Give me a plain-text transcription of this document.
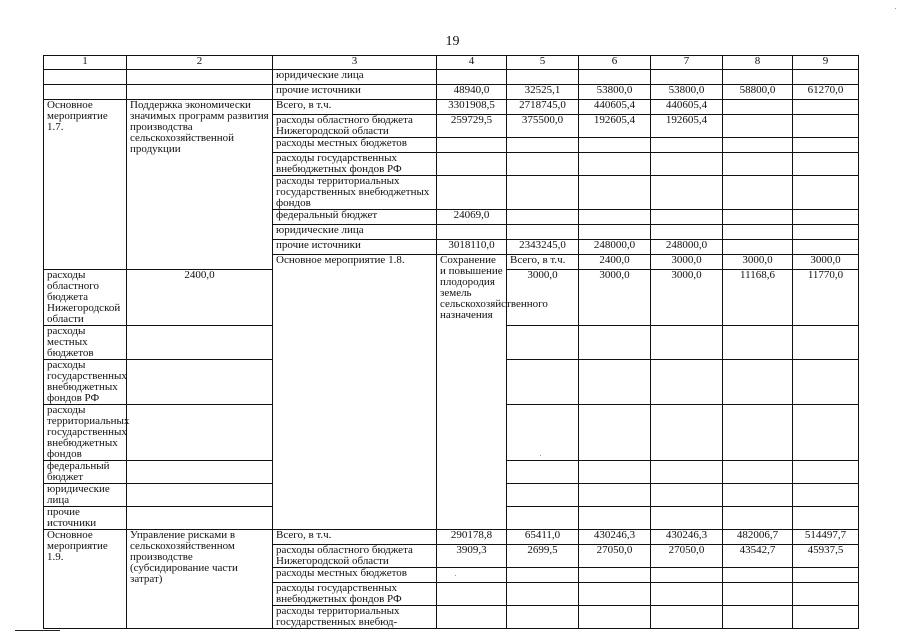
19
1	2	3	4	5	6	7	8	9	
		юридические лица							
		прочие источники	48940,0	32525,1	53800,0	53800,0	58800,0	61270,0	
Основное мероприятие 1.7.	Поддержка экономически значимых программ развития производства сельскохозяйственной продукции	Всего, в т.ч.	3301908,5	2718745,0	440605,4	440605,4			
		расходы областного бюджета Нижегородской области	259729,5	375500,0	192605,4	192605,4			
		расходы местных бюджетов							
		расходы государственных внебюджетных фондов РФ							
		расходы территориальных государственных внебюджетных фондов							
		федеральный бюджет	24069,0						
		юридические лица							
		прочие источники	3018110,0	2343245,0	248000,0	248000,0			
		Основное мероприятие 1.8.	Сохранение и повышение плодородия земель сельскохозяйственного назначения	Всего, в т.ч.	2400,0	3000,0	3000,0	3000,0		
расходы областного бюджета Нижегородской области	2400,0			3000,0	3000,0	3000,0	11168,6	11770,0	
расходы местных бюджетов									
расходы государственных внебюджетных фондов РФ									
расходы территориальных государственных внебюджетных фондов									
федеральный бюджет									
юридические лица									
прочие источники									
Основное мероприятие 1.9.	Управление рисками в сельскохозяйственном производстве (субсидирование части затрат)	Всего, в т.ч.	290178,8	65411,0	430246,3	430246,3	482006,7	514497,7	
		расходы областного бюджета Нижегородской области	3909,3	2699,5	27050,0	27050,0	43542,7	45937,5	
		расходы местных бюджетов							
		расходы государственных внебюджетных фондов РФ							
		расходы территориальных государственных внебюд-							
